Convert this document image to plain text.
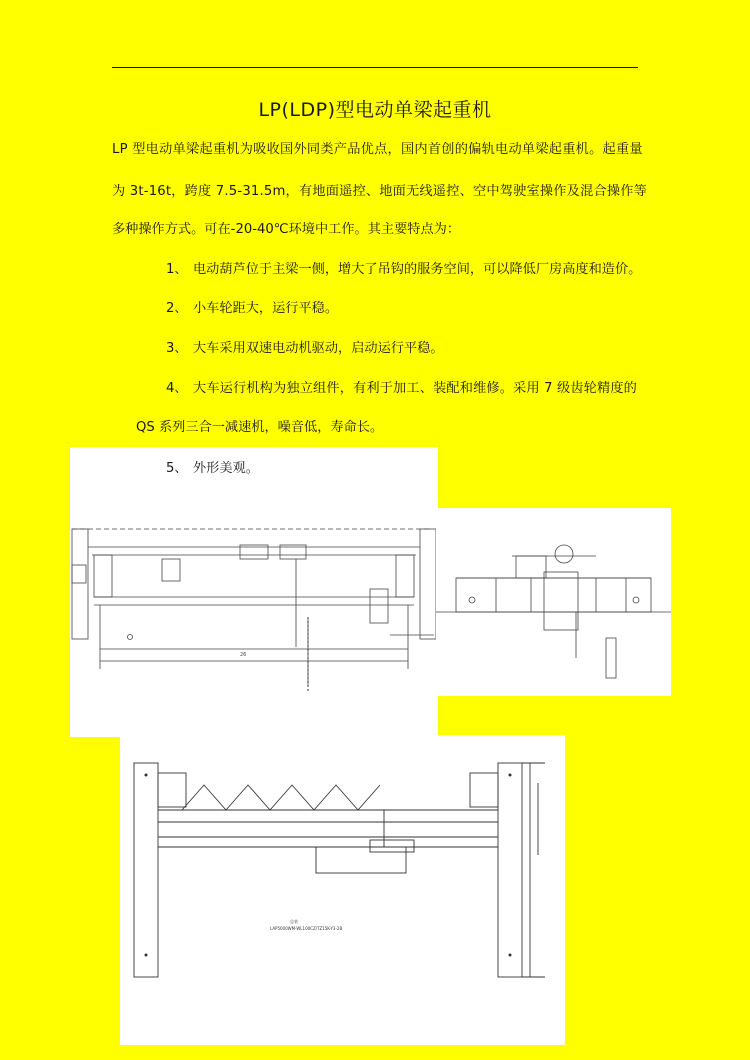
LP(LDP)型电动单梁起重机
LP 型电动单梁起重机为吸收国外同类产品优点，国内首创的偏轨电动单梁起重机。起重量
为 3t-16t，跨度 7.5-31.5m，有地面遥控、地面无线遥控、空中驾驶室操作及混合操作等
多种操作方式。可在-20-40℃环境中工作。其主要特点为：
1、 电动葫芦位于主梁一侧，增大了吊钩的服务空间，可以降低厂房高度和造价。
2、 小车轮距大，运行平稳。
3、 大车采用双速电动机驱动，启动运行平稳。
4、 大车运行机构为独立组件，有利于加工、装配和维修。采用 7 级齿轮精度的
QS 系列三合一减速机，噪音低，寿命长。
26
5、 外形美观。
总装
LAP5000WM-WL100CZ/TZ15K-Y3-2B
